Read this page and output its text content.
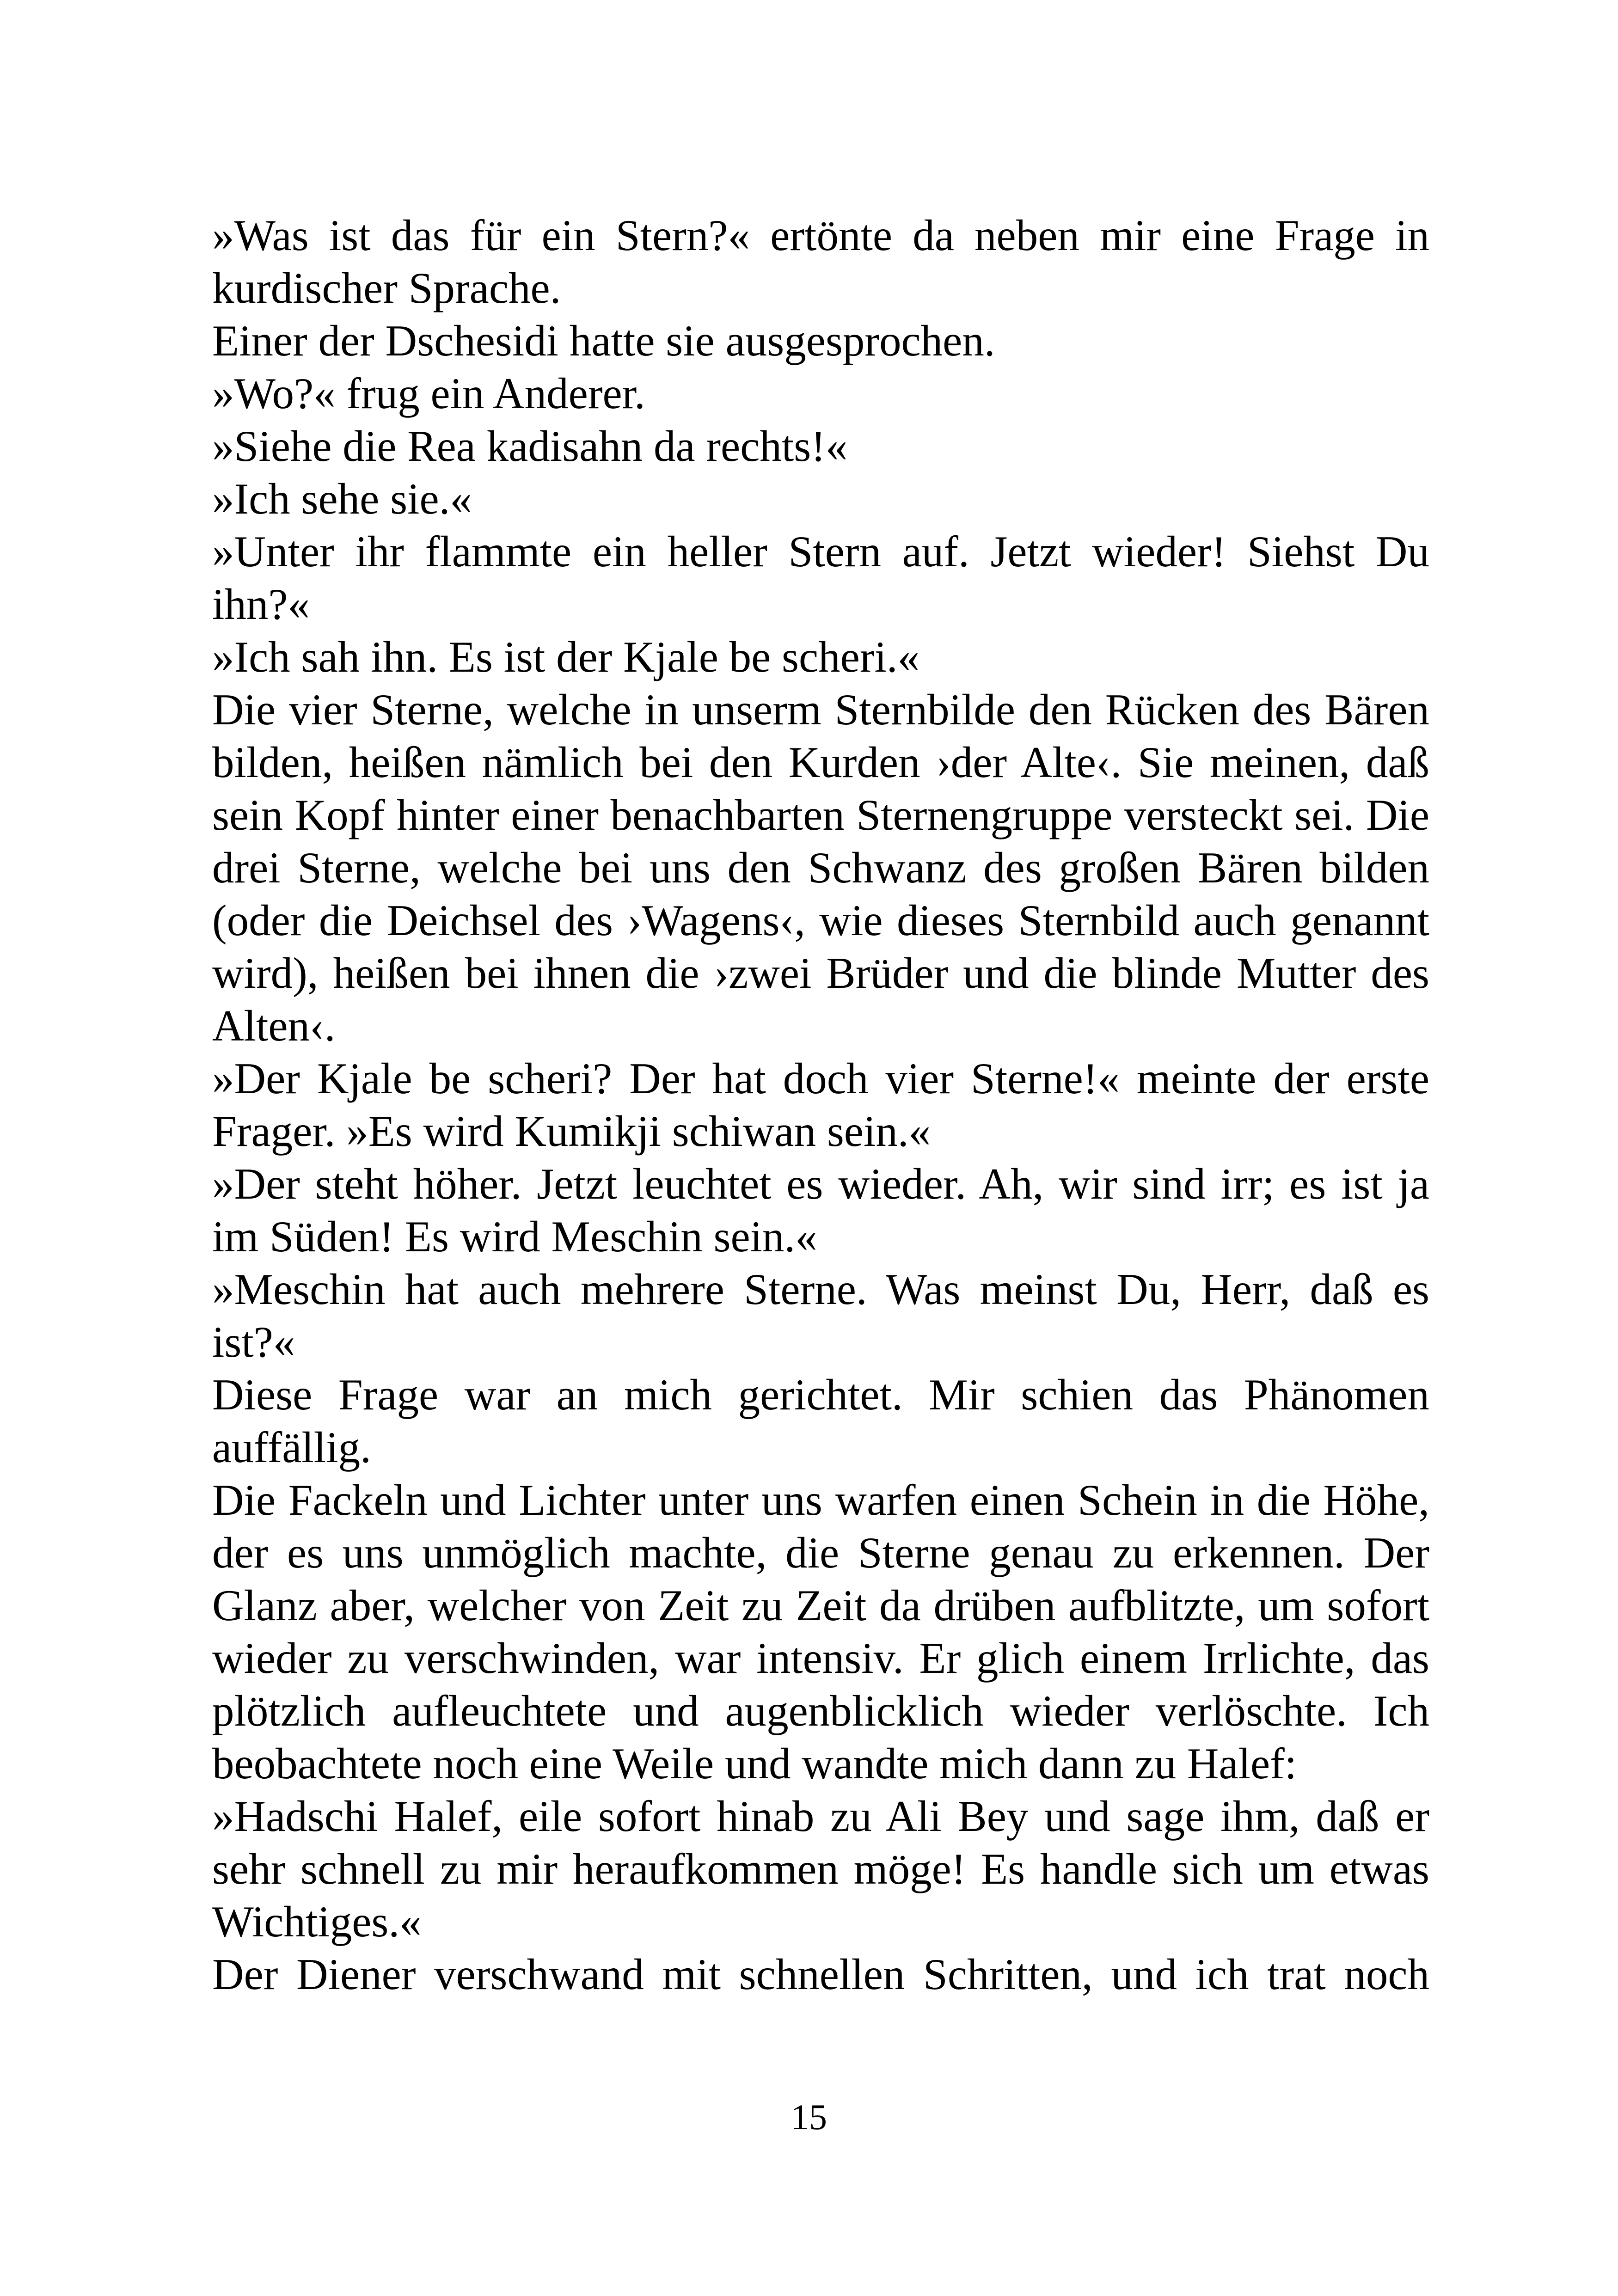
»Was ist das für ein Stern?« ertönte da neben mir eine Frage in kurdischer Sprache.

Einer der Dschesidi hatte sie ausgesprochen.

»Wo?« frug ein Anderer.

»Siehe die Rea kadisahn da rechts!«

»Ich sehe sie.«

»Unter ihr flammte ein heller Stern auf. Jetzt wieder! Siehst Du ihn?«

»Ich sah ihn. Es ist der Kjale be scheri.«

Die vier Sterne, welche in unserm Sternbilde den Rücken des Bären bilden, heißen nämlich bei den Kurden ›der Alte‹. Sie meinen, daß sein Kopf hinter einer benachbarten Sternengruppe versteckt sei. Die drei Sterne, welche bei uns den Schwanz des großen Bären bilden (oder die Deichsel des ›Wagens‹, wie dieses Sternbild auch genannt wird), heißen bei ihnen die ›zwei Brüder und die blinde Mutter des Alten‹.

»Der Kjale be scheri? Der hat doch vier Sterne!« meinte der erste Frager. »Es wird Kumikji schiwan sein.«

»Der steht höher. Jetzt leuchtet es wieder. Ah, wir sind irr; es ist ja im Süden! Es wird Meschin sein.«

»Meschin hat auch mehrere Sterne. Was meinst Du, Herr, daß es ist?«

Diese Frage war an mich gerichtet. Mir schien das Phänomen auffällig.

Die Fackeln und Lichter unter uns warfen einen Schein in die Höhe, der es uns unmöglich machte, die Sterne genau zu erkennen. Der Glanz aber, welcher von Zeit zu Zeit da drüben aufblitzte, um sofort wieder zu verschwinden, war intensiv. Er glich einem Irrlichte, das plötzlich aufleuchtete und augenblicklich wieder verlöschte. Ich beobachtete noch eine Weile und wandte mich dann zu Halef:

»Hadschi Halef, eile sofort hinab zu Ali Bey und sage ihm, daß er sehr schnell zu mir heraufkommen möge! Es handle sich um etwas Wichtiges.«

Der Diener verschwand mit schnellen Schritten, und ich trat noch

15
